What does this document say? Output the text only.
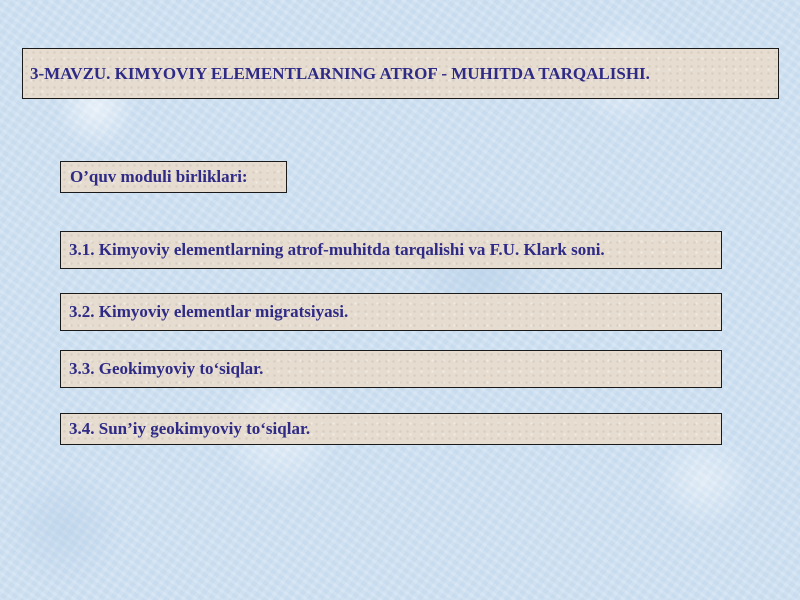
3-MAVZU. KIMYOVIY ELEMENTLARNING ATROF - MUHITDA TARQALISHI.
O’quv moduli birliklari:
3.1. Kimyoviy elementlarning atrof-muhitda tarqalishi va F.U. Klark soni.
3.2. Kimyoviy elementlar migratsiyasi.
3.3. Geokimyoviy to‘siqlar.
3.4. Sun’iy geokimyoviy to‘siqlar.
